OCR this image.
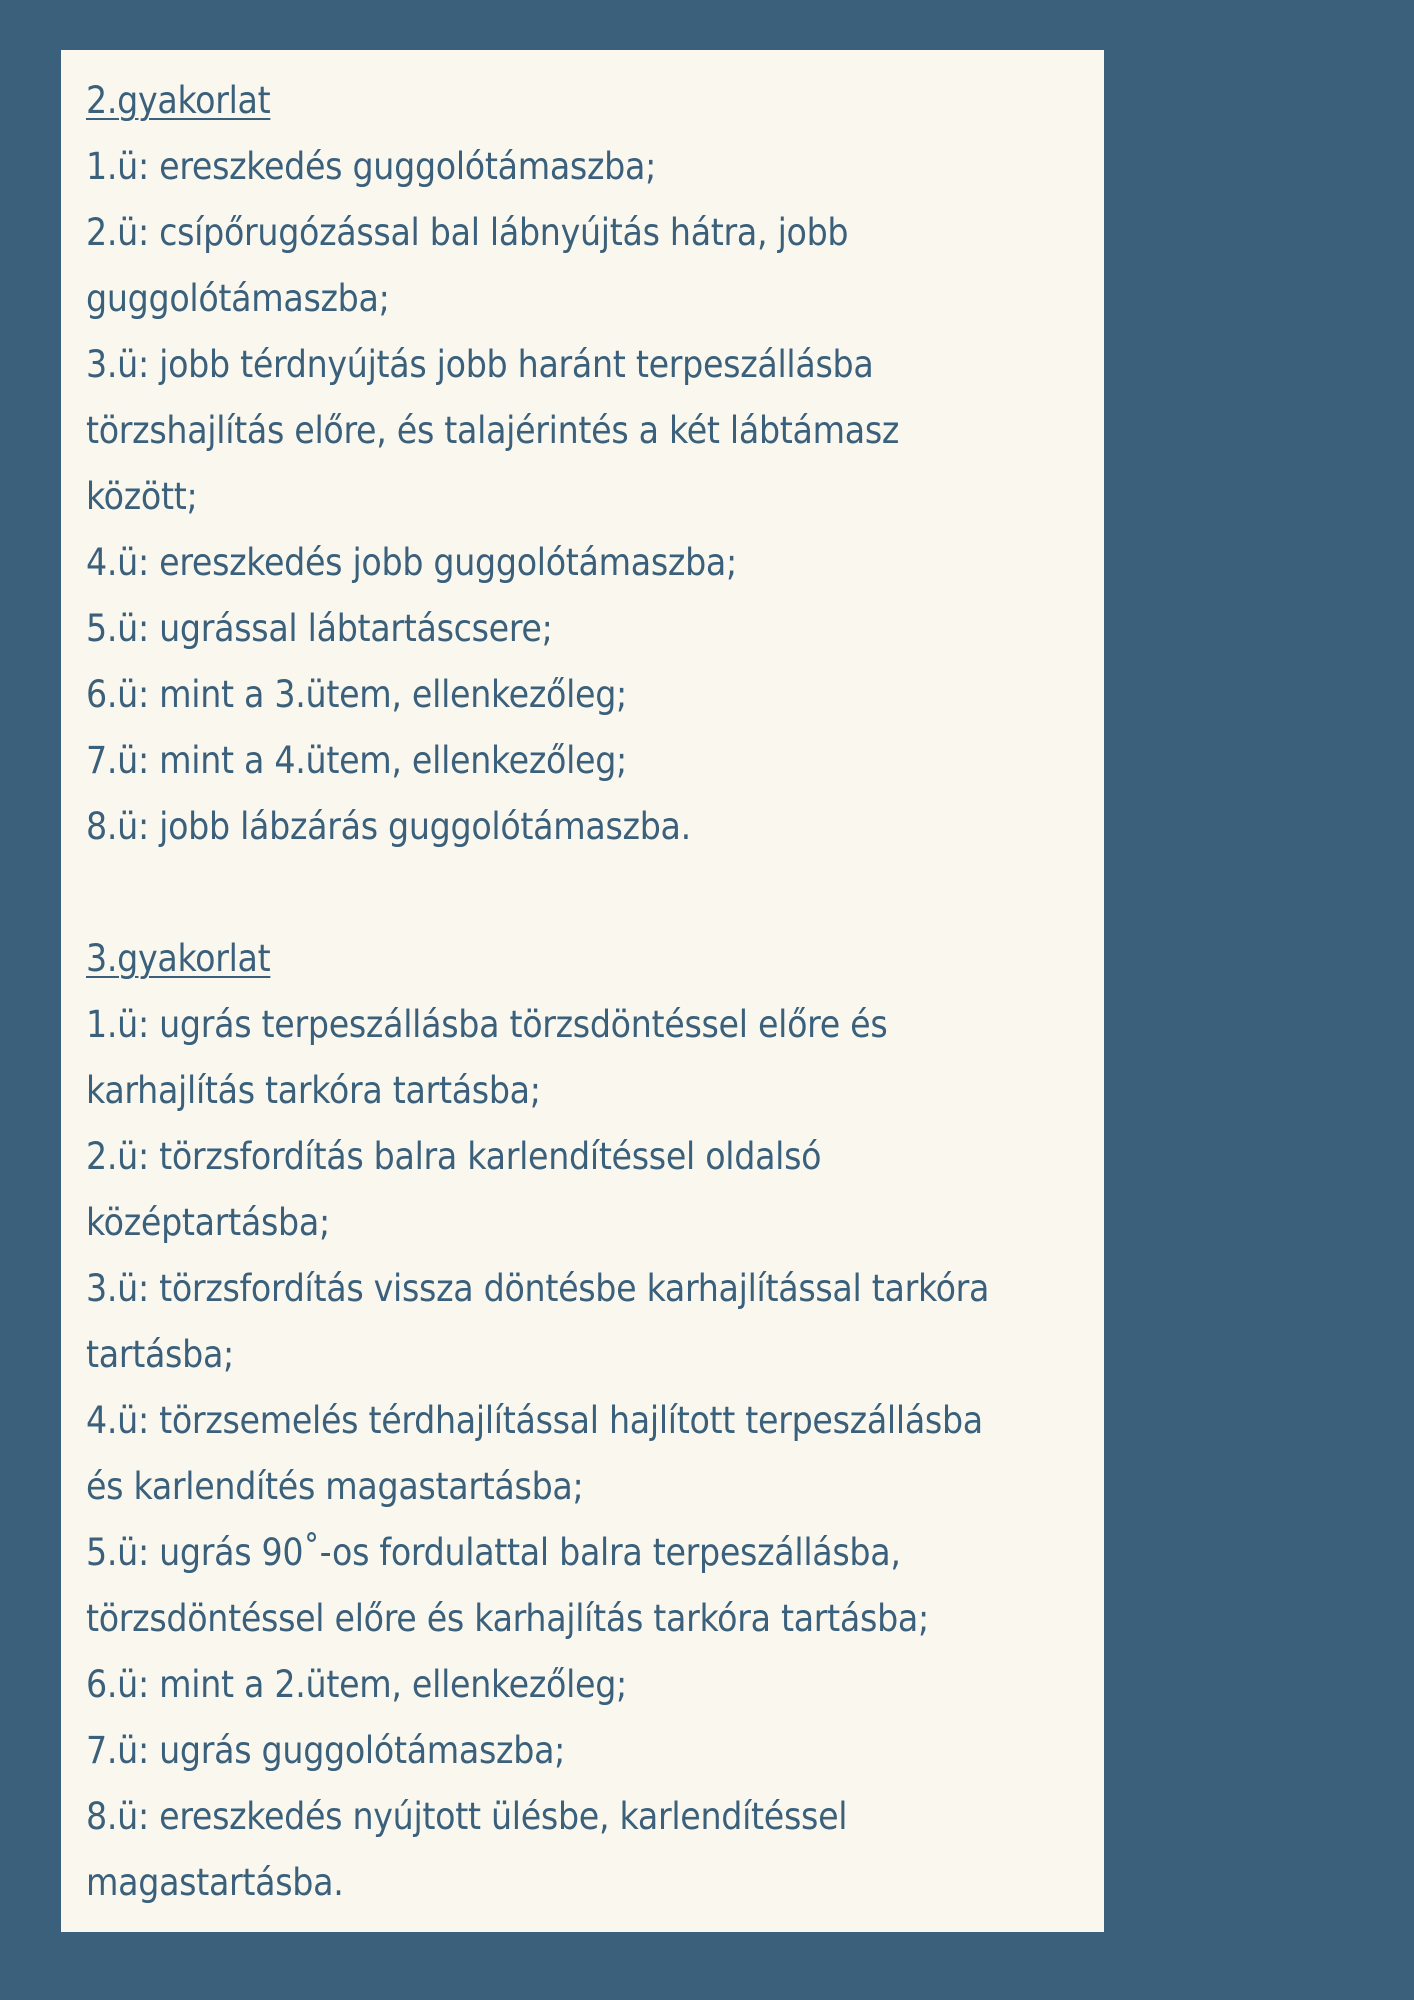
2.gyakorlat
1.ü: ereszkedés guggolótámaszba;
2.ü: csípőrugózással bal lábnyújtás hátra, jobb
guggolótámaszba;
3.ü: jobb térdnyújtás jobb haránt terpeszállásba
törzshajlítás előre, és talajérintés a két lábtámasz
között;
4.ü: ereszkedés jobb guggolótámaszba;
5.ü: ugrással lábtartáscsere;
6.ü: mint a 3.ütem, ellenkezőleg;
7.ü: mint a 4.ütem, ellenkezőleg;
8.ü: jobb lábzárás guggolótámaszba.
3.gyakorlat
1.ü: ugrás terpeszállásba törzsdöntéssel előre és
karhajlítás tarkóra tartásba;
2.ü: törzsfordítás balra karlendítéssel oldalsó
középtartásba;
3.ü: törzsfordítás vissza döntésbe karhajlítással tarkóra
tartásba;
4.ü: törzsemelés térdhajlítással hajlított terpeszállásba
és karlendítés magastartásba;
5.ü: ugrás 90˚-os fordulattal balra terpeszállásba,
törzsdöntéssel előre és karhajlítás tarkóra tartásba;
6.ü: mint a 2.ütem, ellenkezőleg;
7.ü: ugrás guggolótámaszba;
8.ü: ereszkedés nyújtott ülésbe, karlendítéssel
magastartásba.
